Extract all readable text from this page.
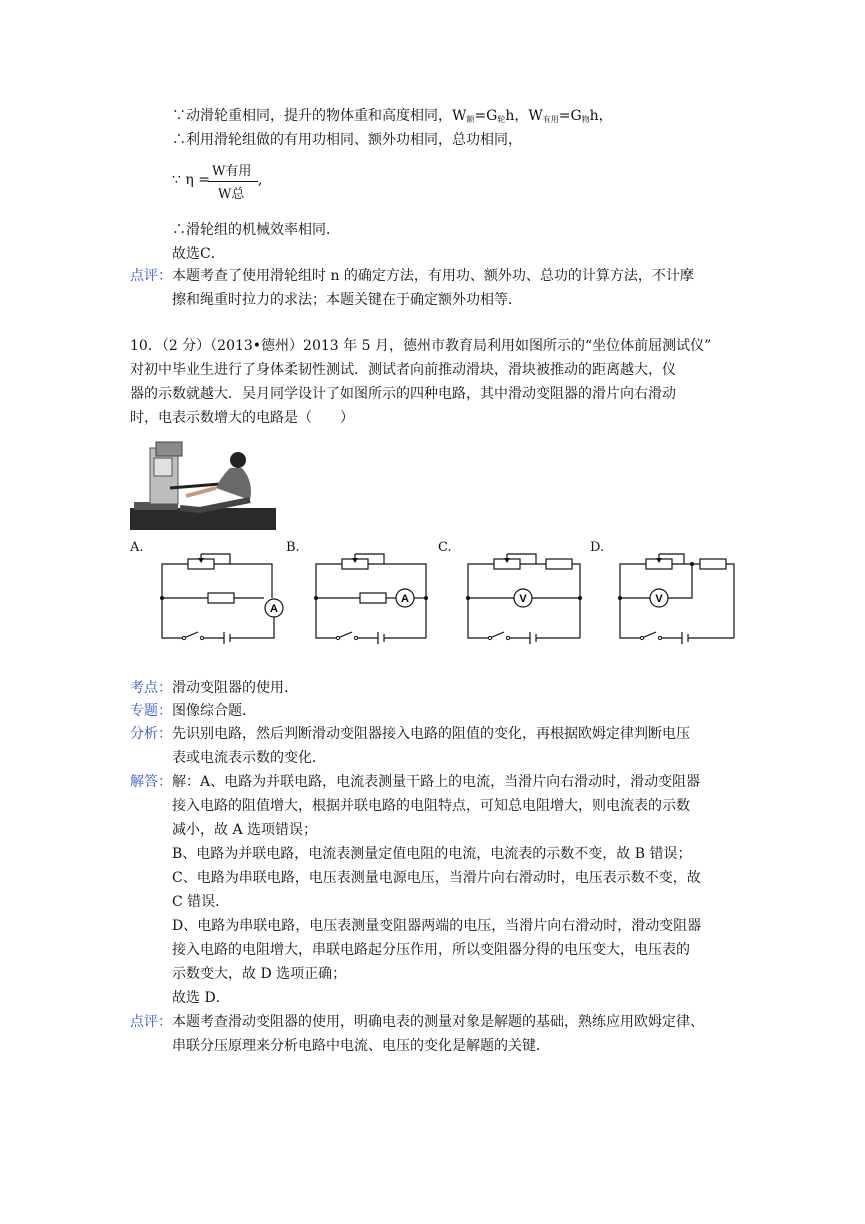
∵动滑轮重相同，提升的物体重和高度相同，$W_额=G_轮h$，$W_{有用}=G_物h$，
∴利用滑轮组做的有用功相同、额外功相同，总功相同，
∵ η =
W有用
W总
,
∴滑轮组的机械效率相同．
故选C．
点评： 本题考查了使用滑轮组时 n 的确定方法，有用功、额外功、总功的计算方法，不计摩
擦和绳重时拉力的求法；本题关键在于确定额外功相等．
10．（2 分）（2013•德州）2013 年 5 月，德州市教育局利用如图所示的“坐位体前屈测试仪”
对初中毕业生进行了身体柔韧性测试．测试者向前推动滑块，滑块被推动的距离越大，仪
器的示数就越大．吴月同学设计了如图所示的四种电路，其中滑动变阻器的滑片向右滑动
时，电表示数增大的电路是（　　）
A.	B.	C.	D.
A
A	V	V
考点： 滑动变阻器的使用．
专题： 图像综合题．
分析： 先识别电路，然后判断滑动变阻器接入电路的阻值的变化，再根据欧姆定律判断电压
表或电流表示数的变化．
解答： 解：A、电路为并联电路，电流表测量干路上的电流，当滑片向右滑动时，滑动变阻器
接入电路的阻值增大，根据并联电路的电阻特点，可知总电阻增大，则电流表的示数
减小，故 A 选项错误；
B、电路为并联电路，电流表测量定值电阻的电流，电流表的示数不变，故 B 错误；
C、电路为串联电路，电压表测量电源电压，当滑片向右滑动时，电压表示数不变，故
C 错误．
D、电路为串联电路，电压表测量变阻器两端的电压，当滑片向右滑动时，滑动变阻器
接入电路的电阻增大，串联电路起分压作用，所以变阻器分得的电压变大，电压表的
示数变大，故 D 选项正确；
故选 D．
点评： 本题考查滑动变阻器的使用，明确电表的测量对象是解题的基础，熟练应用欧姆定律、
串联分压原理来分析电路中电流、电压的变化是解题的关键．
